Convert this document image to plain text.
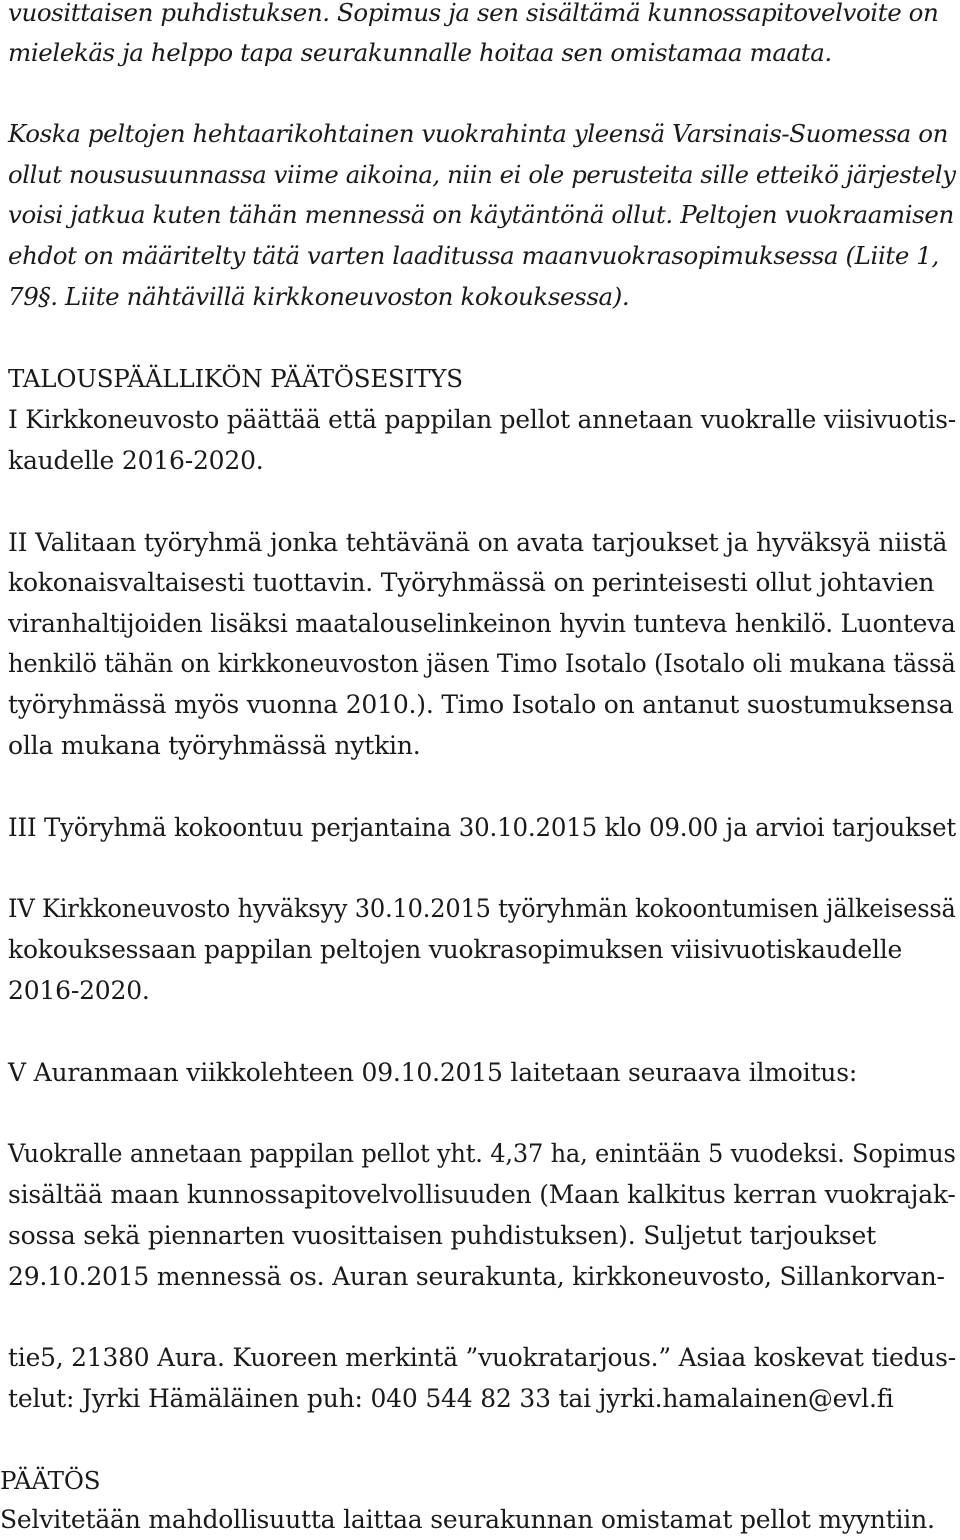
vuosittaisen puhdistuksen. Sopimus ja sen sisältämä kunnossapitovelvoite on

mielekäs ja helppo tapa seurakunnalle hoitaa sen omistamaa maata.

Koska peltojen hehtaarikohtainen vuokrahinta yleensä Varsinais-Suomessa on

ollut noususuunnassa viime aikoina, niin ei ole perusteita sille etteikö järjestely

voisi jatkua kuten tähän mennessä on käytäntönä ollut. Peltojen vuokraamisen

ehdot on määritelty tätä varten laaditussa maanvuokrasopimuksessa (Liite 1,

79§. Liite nähtävillä kirkkoneuvoston kokouksessa).

TALOUSPÄÄLLIKÖN PÄÄTÖSESITYS

I Kirkkoneuvosto päättää että pappilan pellot annetaan vuokralle viisivuotis-

kaudelle 2016-2020.

II Valitaan työryhmä jonka tehtävänä on avata tarjoukset ja hyväksyä niistä

kokonaisvaltaisesti tuottavin. Työryhmässä on perinteisesti ollut johtavien

viranhaltijoiden lisäksi maatalouselinkeinon hyvin tunteva henkilö. Luonteva

henkilö tähän on kirkkoneuvoston jäsen Timo Isotalo (Isotalo oli mukana tässä

työryhmässä myös vuonna 2010.). Timo Isotalo on antanut suostumuksensa

olla mukana työryhmässä nytkin.

III Työryhmä kokoontuu perjantaina 30.10.2015 klo 09.00 ja arvioi tarjoukset

IV Kirkkoneuvosto hyväksyy 30.10.2015 työryhmän kokoontumisen jälkeisessä

kokouksessaan pappilan peltojen vuokrasopimuksen viisivuotiskaudelle

2016-2020.

V Auranmaan viikkolehteen 09.10.2015 laitetaan seuraava ilmoitus:

Vuokralle annetaan pappilan pellot yht. 4,37 ha, enintään 5 vuodeksi. Sopimus

sisältää maan kunnossapitovelvollisuuden (Maan kalkitus kerran vuokrajak-

sossa sekä piennarten vuosittaisen puhdistuksen). Suljetut tarjoukset

29.10.2015 mennessä os. Auran seurakunta, kirkkoneuvosto, Sillankorvan-

tie5, 21380 Aura. Kuoreen merkintä ”vuokratarjous.” Asiaa koskevat tiedus-

telut: Jyrki Hämäläinen puh: 040 544 82 33 tai jyrki.hamalainen@evl.fi

PÄÄTÖS

Selvitetään mahdollisuutta laittaa seurakunnan omistamat pellot myyntiin.
